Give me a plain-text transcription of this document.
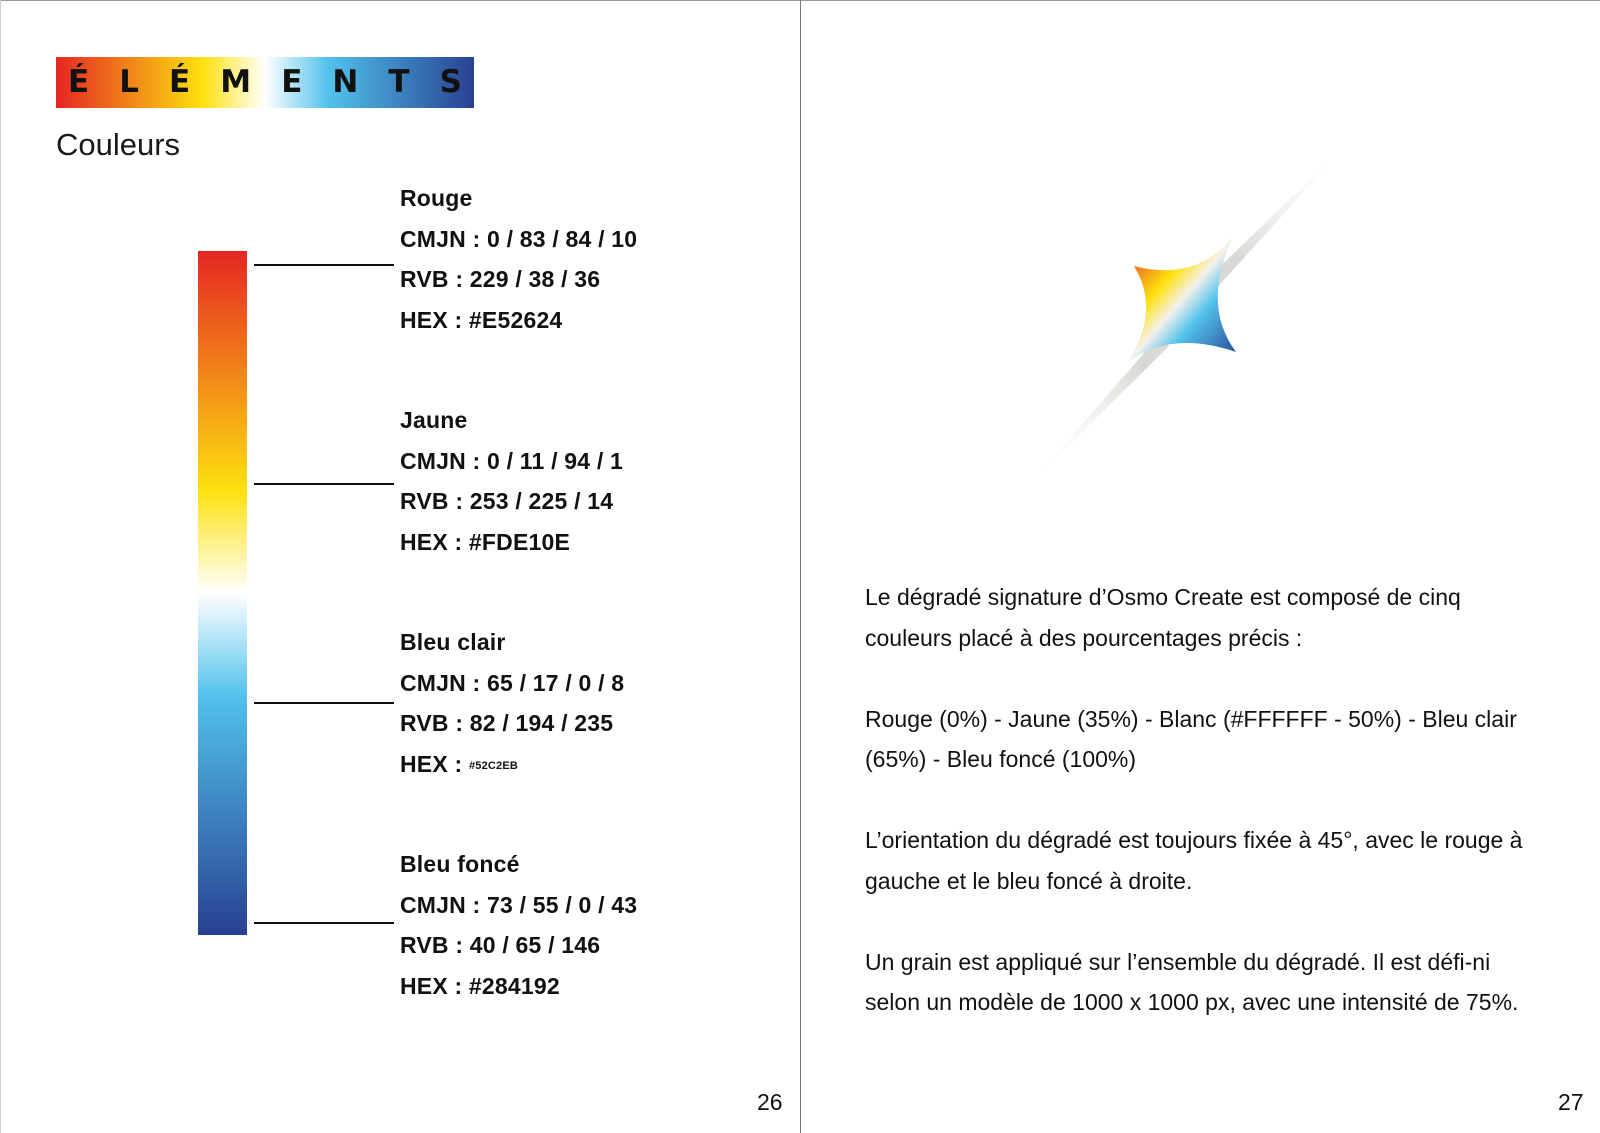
É L É M E N T S
Couleurs
Rouge
CMJN : 0 / 83 / 84 / 10
RVB : 229 / 38 / 36
HEX : #E52624
Jaune
CMJN : 0 / 11 / 94 / 1
RVB : 253 / 225 / 14
HEX : #FDE10E
Bleu clair
CMJN : 65 / 17 / 0 / 8
RVB : 82 / 194 / 235
HEX : #52C2EB
Bleu foncé
CMJN : 73 / 55 / 0 / 43
RVB : 40 / 65 / 146
HEX : #284192
26

Le dégradé signature d’Osmo Create est composé de cinq couleurs placé à des pourcentages précis :

Rouge (0%) - Jaune (35%) - Blanc (#FFFFFF - 50%) - Bleu clair (65%) - Bleu foncé (100%)

L’orientation du dégradé est toujours fixée à 45°, avec le rouge à gauche et le bleu foncé à droite.

Un grain est appliqué sur l’ensemble du dégradé. Il est défi-ni selon un modèle de 1000 x 1000 px, avec une intensité de 75%.

27
